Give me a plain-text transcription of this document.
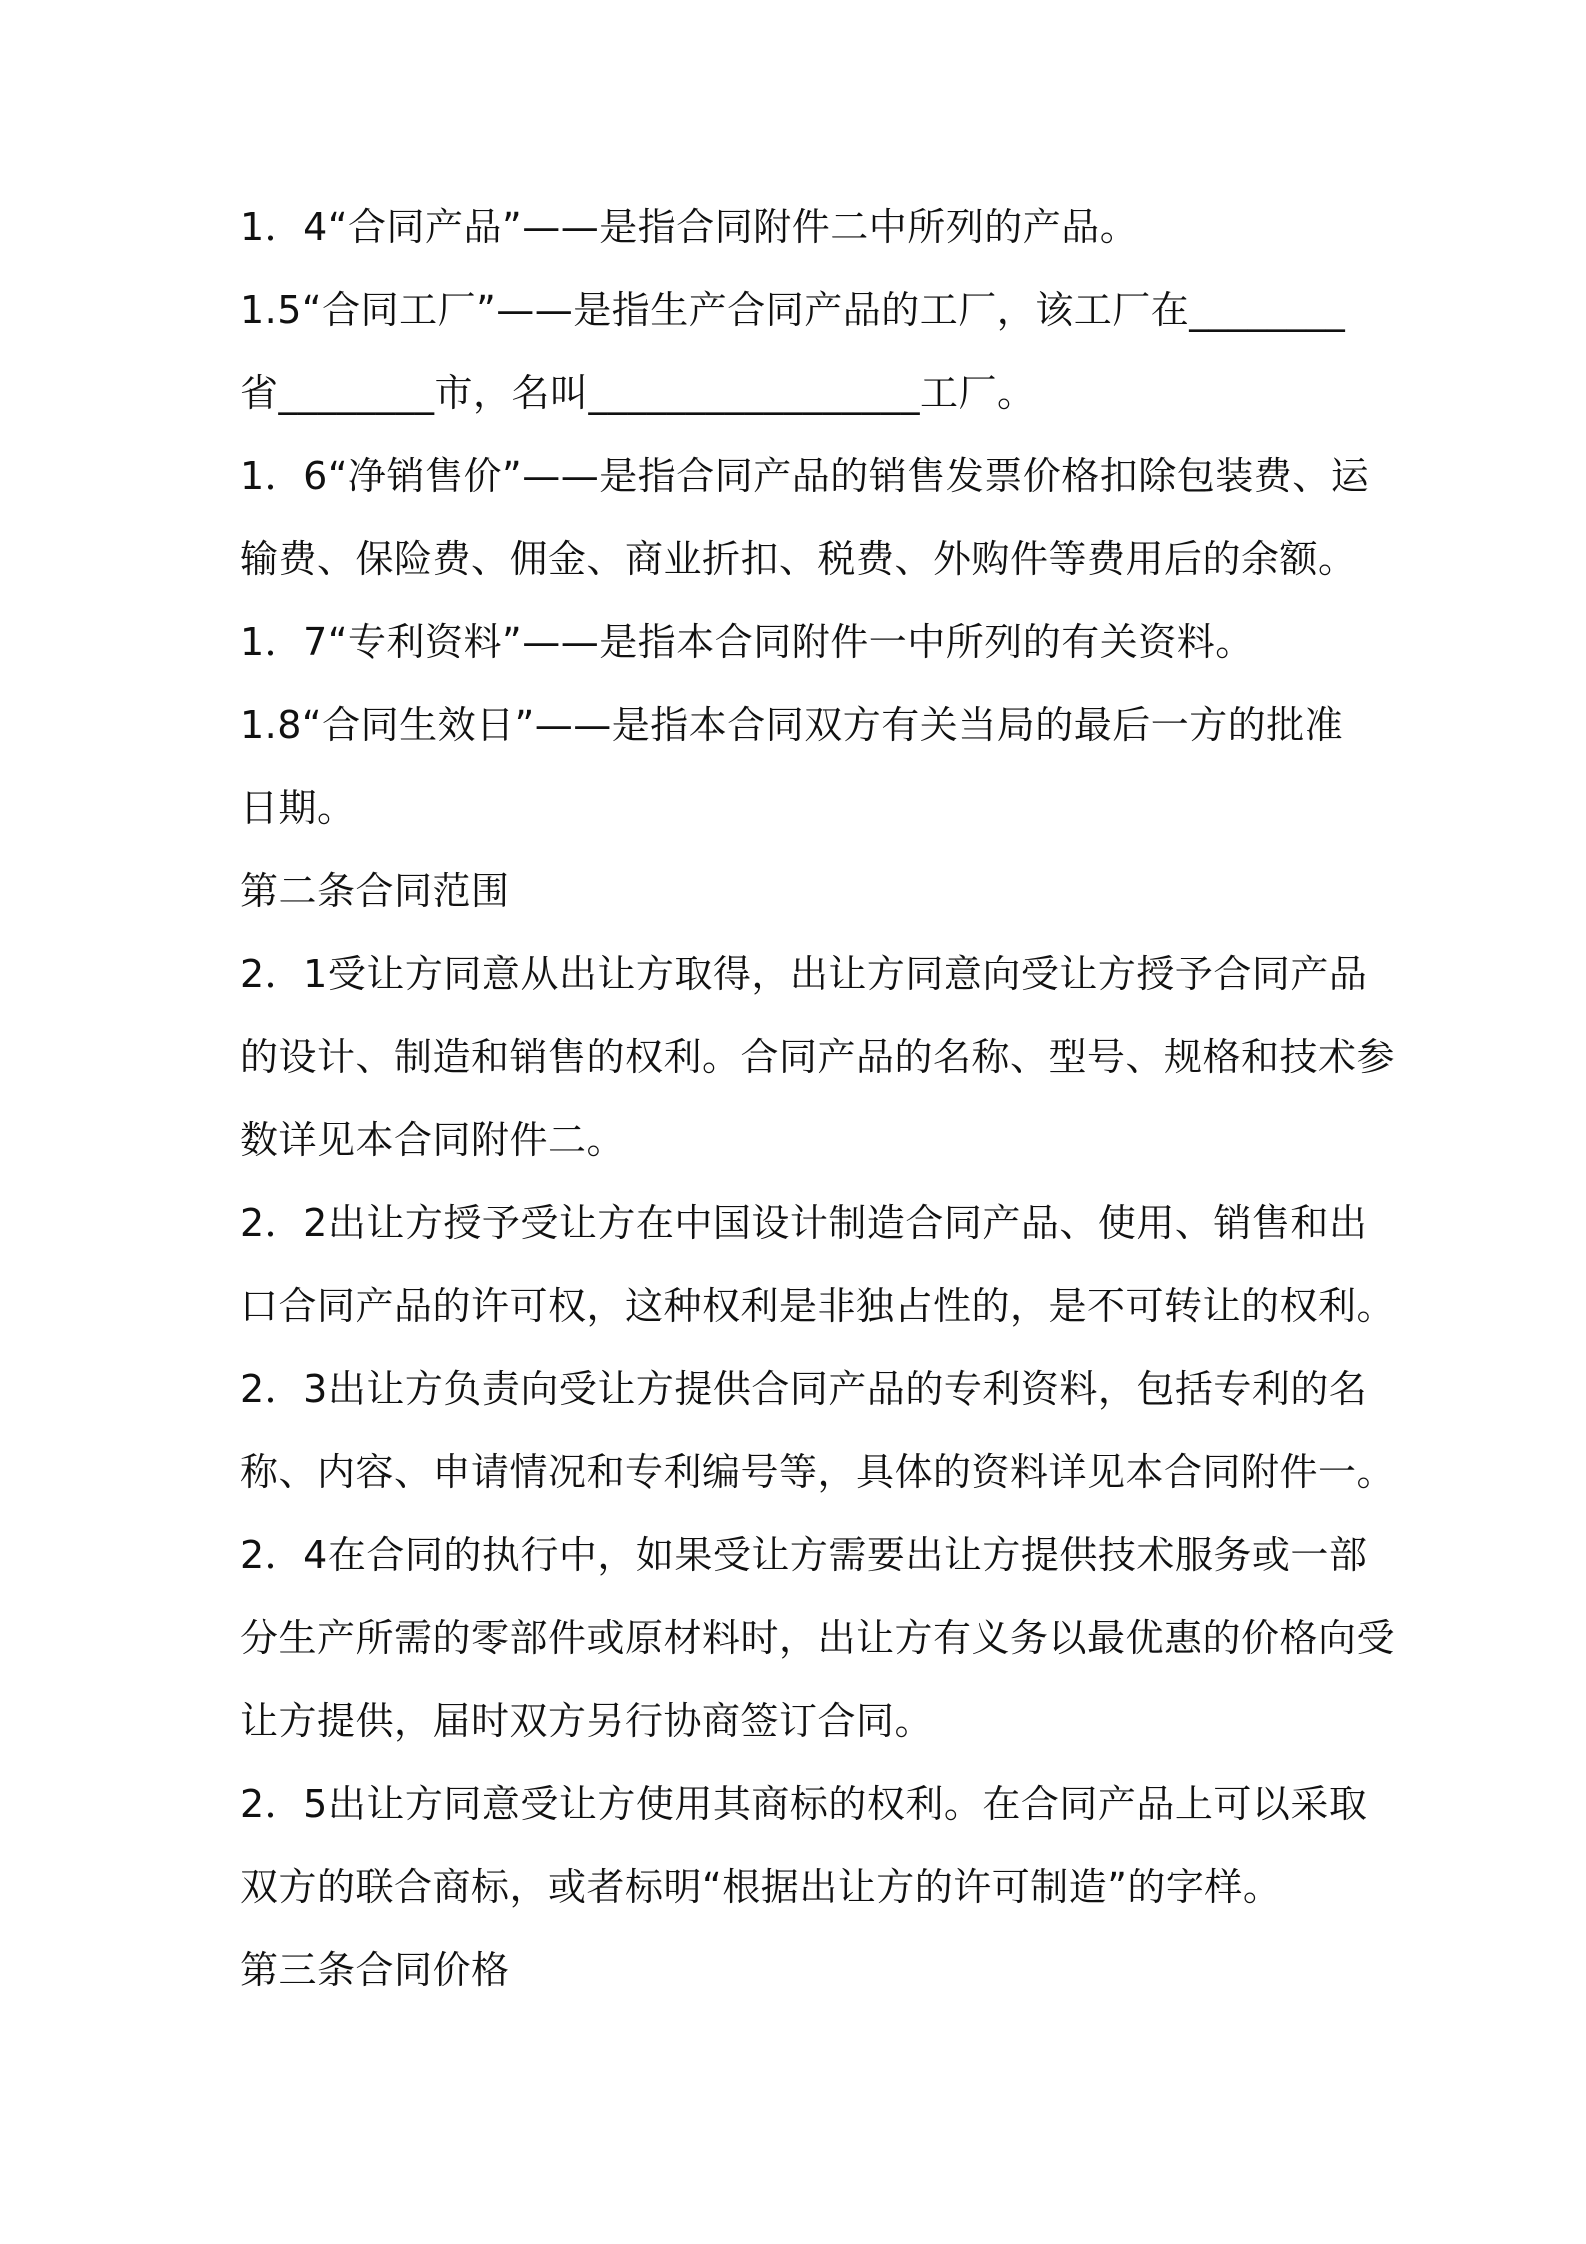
1．4“合同产品”——是指合同附件二中所列的产品。

1.5“合同工厂”——是指生产合同产品的工厂，该工厂在________

省________市，名叫_________________工厂。

1．6“净销售价”——是指合同产品的销售发票价格扣除包装费、运

输费、保险费、佣金、商业折扣、税费、外购件等费用后的余额。

1．7“专利资料”——是指本合同附件一中所列的有关资料。

1.8“合同生效日”——是指本合同双方有关当局的最后一方的批准

日期。

第二条合同范围

2．1受让方同意从出让方取得，出让方同意向受让方授予合同产品

的设计、制造和销售的权利。合同产品的名称、型号、规格和技术参

数详见本合同附件二。

2．2出让方授予受让方在中国设计制造合同产品、使用、销售和出

口合同产品的许可权，这种权利是非独占性的，是不可转让的权利。

2．3出让方负责向受让方提供合同产品的专利资料，包括专利的名

称、内容、申请情况和专利编号等，具体的资料详见本合同附件一。

2．4在合同的执行中，如果受让方需要出让方提供技术服务或一部

分生产所需的零部件或原材料时，出让方有义务以最优惠的价格向受

让方提供，届时双方另行协商签订合同。

2．5出让方同意受让方使用其商标的权利。在合同产品上可以采取

双方的联合商标，或者标明“根据出让方的许可制造”的字样。

第三条合同价格
